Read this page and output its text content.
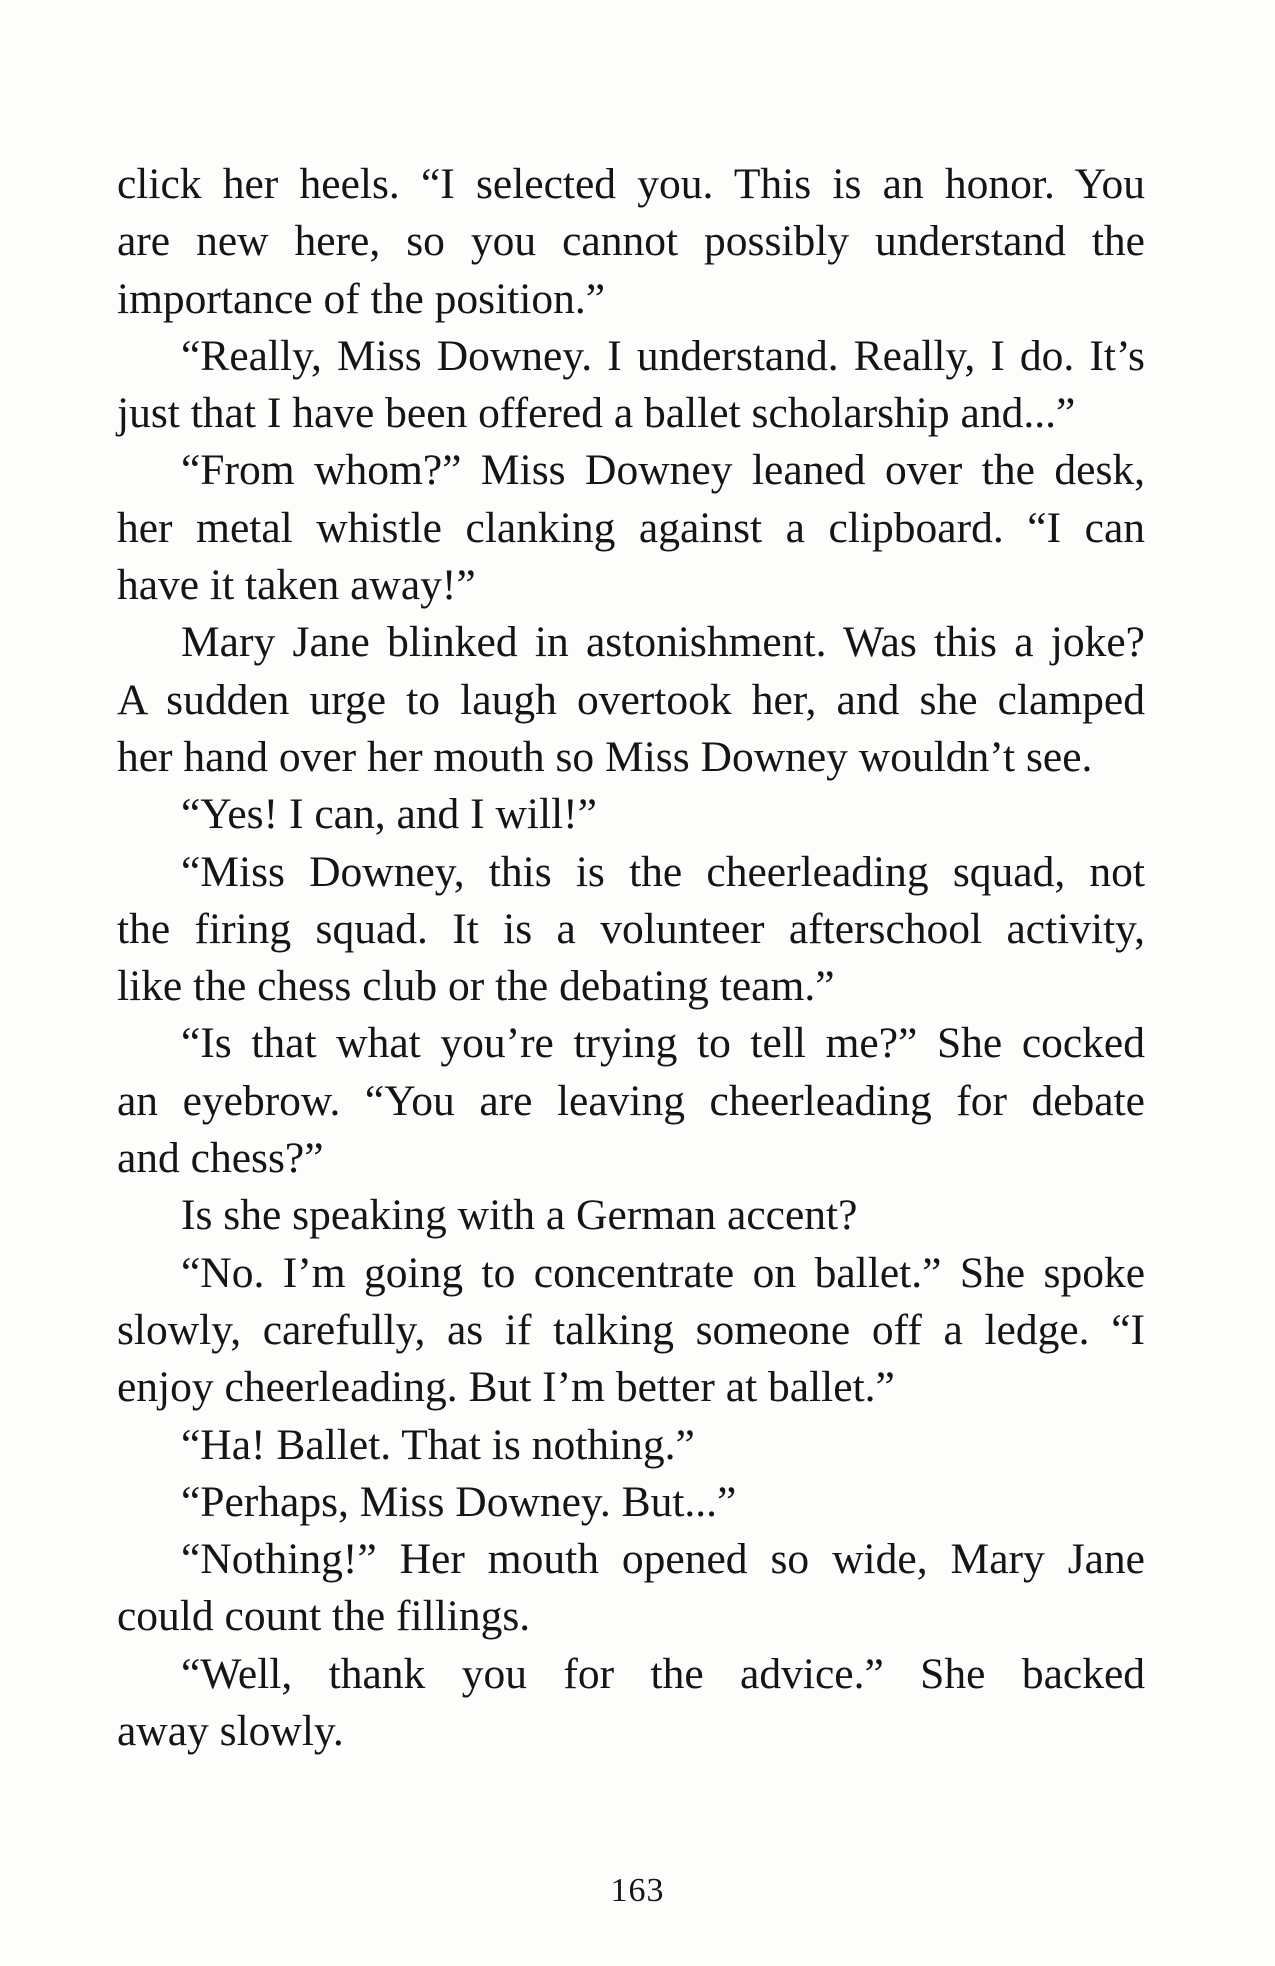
click her heels. “I selected you. This is an honor. You
are new here, so you cannot possibly understand the
importance of the position.”
“Really, Miss Downey. I understand. Really, I do. It’s
just that I have been offered a ballet scholarship and...”
“From whom?” Miss Downey leaned over the desk,
her metal whistle clanking against a clipboard. “I can
have it taken away!”
Mary Jane blinked in astonishment. Was this a joke?
A sudden urge to laugh overtook her, and she clamped
her hand over her mouth so Miss Downey wouldn’t see.
“Yes! I can, and I will!”
“Miss Downey, this is the cheerleading squad, not
the firing squad. It is a volunteer afterschool activity,
like the chess club or the debating team.”
“Is that what you’re trying to tell me?” She cocked
an eyebrow. “You are leaving cheerleading for debate
and chess?”
Is she speaking with a German accent?
“No. I’m going to concentrate on ballet.” She spoke
slowly, carefully, as if talking someone off a ledge. “I
enjoy cheerleading. But I’m better at ballet.”
“Ha! Ballet. That is nothing.”
“Perhaps, Miss Downey. But...”
“Nothing!” Her mouth opened so wide, Mary Jane
could count the fillings.
“Well, thank you for the advice.” She backed
away slowly.
163
